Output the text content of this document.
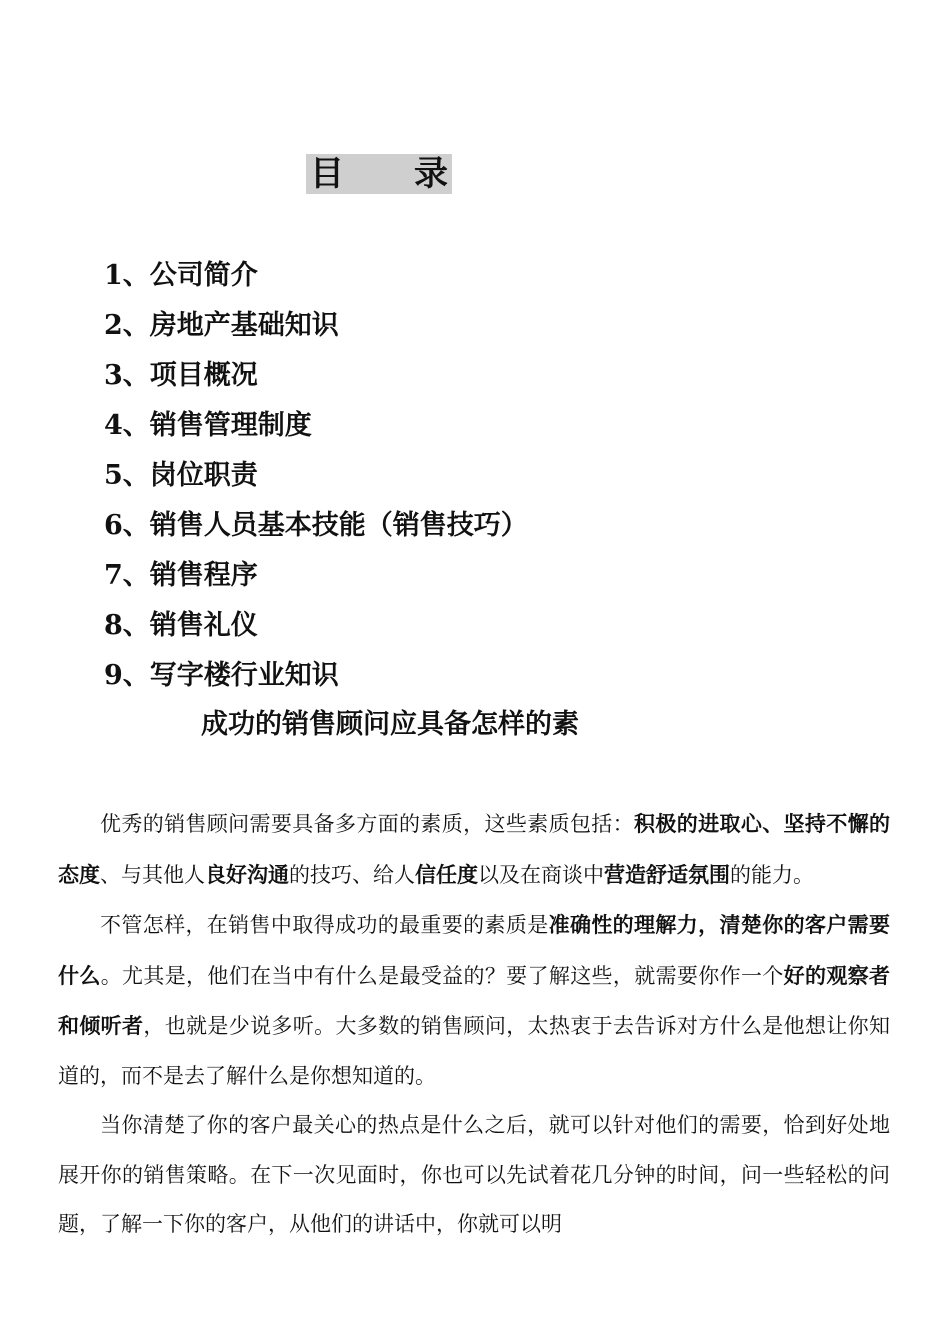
目 录
1、公司简介
2、房地产基础知识
3、项目概况
4、销售管理制度
5、岗位职责
6、销售人员基本技能（销售技巧）
7、销售程序
8、销售礼仪
9、写字楼行业知识
成功的销售顾问应具备怎样的素

优秀的销售顾问需要具备多方面的素质，这些素质包括：积极的进取心、坚持不懈的态度、与其他人良好沟通的技巧、给人信任度以及在商谈中营造舒适氛围的能力。

不管怎样，在销售中取得成功的最重要的素质是准确性的理解力，清楚你的客户需要什么。尤其是，他们在当中有什么是最受益的？要了解这些，就需要你作一个好的观察者和倾听者，也就是少说多听。大多数的销售顾问，太热衷于去告诉对方什么是他想让你知道的，而不是去了解什么是你想知道的。

当你清楚了你的客户最关心的热点是什么之后，就可以针对他们的需要，恰到好处地展开你的销售策略。在下一次见面时，你也可以先试着花几分钟的时间，问一些轻松的问题，了解一下你的客户，从他们的讲话中，你就可以明
